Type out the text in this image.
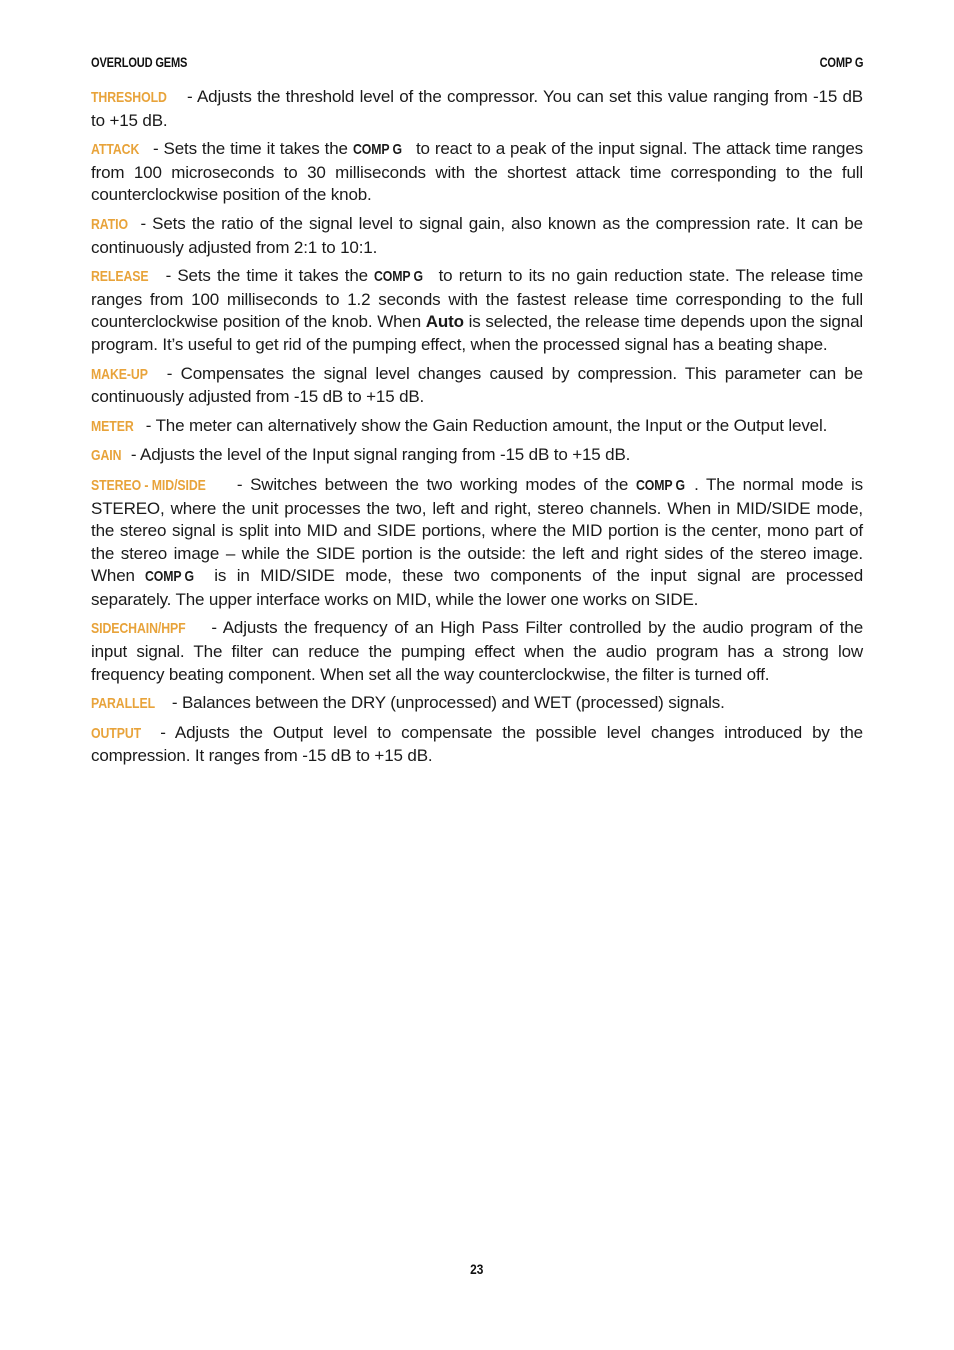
OVERLOUD GEMS	COMP G

THRESHOLD - Adjusts the threshold level of the compressor. You can set this value ranging from -15 dB to +15 dB.

ATTACK - Sets the time it takes the COMP G to react to a peak of the input signal. The attack time ranges from 100 microseconds to 30 milliseconds with the shortest attack time corresponding to the full counterclockwise position of the knob.

RATIO - Sets the ratio of the signal level to signal gain, also known as the compression rate. It can be continuously adjusted from 2:1 to 10:1.

RELEASE - Sets the time it takes the COMP G to return to its no gain reduction state. The release time ranges from 100 milliseconds to 1.2 seconds with the fastest release time corresponding to the full counterclockwise position of the knob. When Auto is selected, the release time depends upon the signal program. It’s useful to get rid of the pumping effect, when the processed signal has a beating shape.

MAKE-UP - Compensates the signal level changes caused by compression. This parameter can be continuously adjusted from -15 dB to +15 dB.

METER - The meter can alternatively show the Gain Reduction amount, the Input or the Output level.

GAIN - Adjusts the level of the Input signal ranging from -15 dB to +15 dB.

STEREO - MID/SIDE - Switches between the two working modes of the COMP G . The normal mode is STEREO, where the unit processes the two, left and right, stereo channels. When in MID/SIDE mode, the stereo signal is split into MID and SIDE portions, where the MID portion is the center, mono part of the stereo image – while the SIDE portion is the outside: the left and right sides of the stereo image. When COMP G is in MID/SIDE mode, these two components of the input signal are processed separately. The upper interface works on MID, while the lower one works on SIDE.

SIDECHAIN/HPF - Adjusts the frequency of an High Pass Filter controlled by the audio program of the input signal. The filter can reduce the pumping effect when the audio program has a strong low frequency beating component. When set all the way counterclockwise, the filter is turned off.

PARALLEL - Balances between the DRY (unprocessed) and WET (processed) signals.

OUTPUT - Adjusts the Output level to compensate the possible level changes introduced by the compression. It ranges from -15 dB to +15 dB.

23
